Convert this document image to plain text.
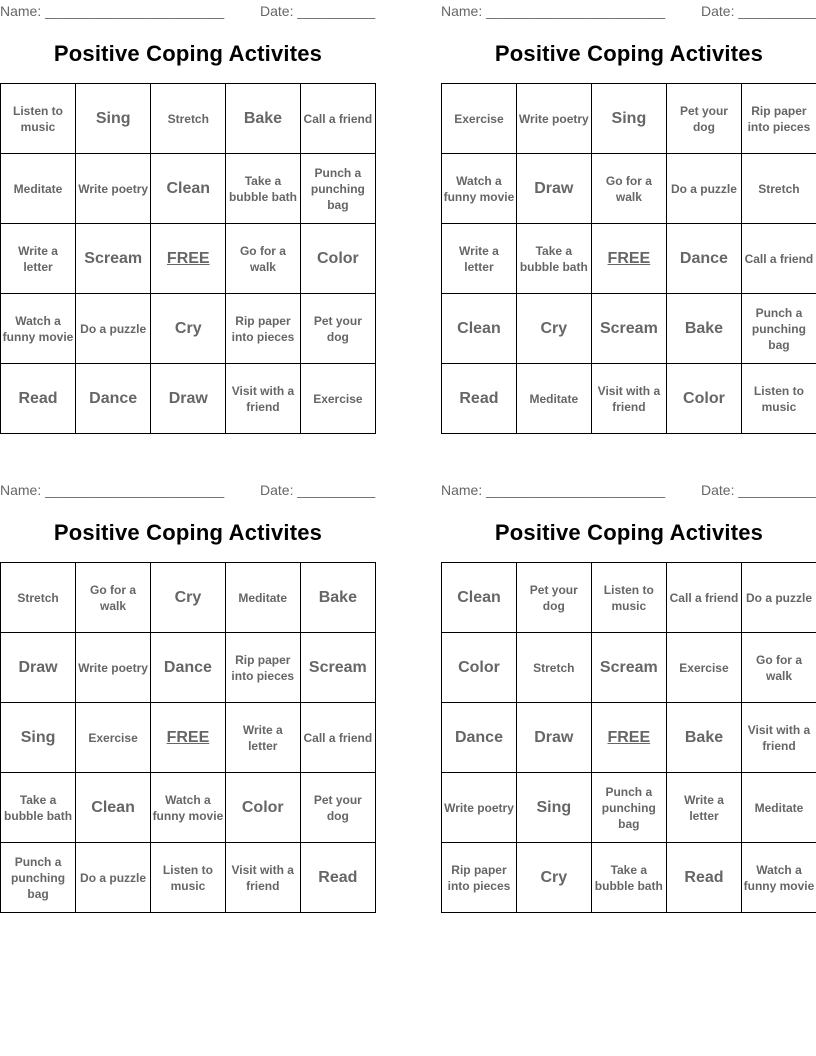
Name: _______________________	Date: __________
Positive Coping Activites
Listen to music	Sing	Stretch	Bake	Call a friend
Meditate	Write poetry	Clean	Take a bubble bath	Punch a punching bag
Write a letter	Scream	FREE	Go for a walk	Color
Watch a funny movie	Do a puzzle	Cry	Rip paper into pieces	Pet your dog
Read	Dance	Draw	Visit with a friend	Exercise
Name: _______________________	Date: __________
Positive Coping Activites
Exercise	Write poetry	Sing	Pet your dog	Rip paper into pieces
Watch a funny movie	Draw	Go for a walk	Do a puzzle	Stretch
Write a letter	Take a bubble bath	FREE	Dance	Call a friend
Clean	Cry	Scream	Bake	Punch a punching bag
Read	Meditate	Visit with a friend	Color	Listen to music
Name: _______________________	Date: __________
Positive Coping Activites
Stretch	Go for a walk	Cry	Meditate	Bake
Draw	Write poetry	Dance	Rip paper into pieces	Scream
Sing	Exercise	FREE	Write a letter	Call a friend
Take a bubble bath	Clean	Watch a funny movie	Color	Pet your dog
Punch a punching bag	Do a puzzle	Listen to music	Visit with a friend	Read
Name: _______________________	Date: __________
Positive Coping Activites
Clean	Pet your dog	Listen to music	Call a friend	Do a puzzle
Color	Stretch	Scream	Exercise	Go for a walk
Dance	Draw	FREE	Bake	Visit with a friend
Write poetry	Sing	Punch a punching bag	Write a letter	Meditate
Rip paper into pieces	Cry	Take a bubble bath	Read	Watch a funny movie
